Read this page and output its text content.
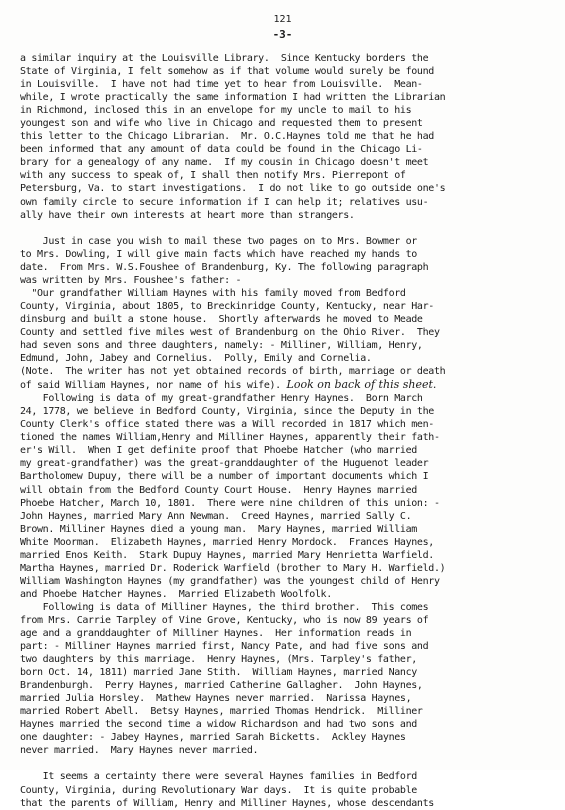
121
-3-
a similar inquiry at the Louisville Library.  Since Kentucky borders the
State of Virginia, I felt somehow as if that volume would surely be found
in Louisville.  I have not had time yet to hear from Louisville.  Mean-
while, I wrote practically the same information I had written the Librarian
in Richmond, inclosed this in an envelope for my uncle to mail to his
youngest son and wife who live in Chicago and requested them to present
this letter to the Chicago Librarian.  Mr. O.C.Haynes told me that he had
been informed that any amount of data could be found in the Chicago Li-
brary for a genealogy of any name.  If my cousin in Chicago doesn't meet
with any success to speak of, I shall then notify Mrs. Pierrepont of
Petersburg, Va. to start investigations.  I do not like to go outside one's
own family circle to secure information if I can help it; relatives usu-
ally have their own interests at heart more than strangers.
Just in case you wish to mail these two pages on to Mrs. Bowmer or
to Mrs. Dowling, I will give main facts which have reached my hands to
date.  From Mrs. W.S.Foushee of Brandenburg, Ky. The following paragraph
was written by Mrs. Foushee's father: -
"Our grandfather William Haynes with his family moved from Bedford
County, Virginia, about 1805, to Breckinridge County, Kentucky, near Har-
dinsburg and built a stone house.  Shortly afterwards he moved to Meade
County and settled five miles west of Brandenburg on the Ohio River.  They
had seven sons and three daughters, namely: - Milliner, William, Henry,
Edmund, John, Jabey and Cornelius.  Polly, Emily and Cornelia.
(Note.  The writer has not yet obtained records of birth, marriage or death
of said William Haynes, nor name of his wife). Look on back of this sheet.
Following is data of my great-grandfather Henry Haynes.  Born March
24, 1778, we believe in Bedford County, Virginia, since the Deputy in the
County Clerk's office stated there was a Will recorded in 1817 which men-
tioned the names William,Henry and Milliner Haynes, apparently their fath-
er's Will.  When I get definite proof that Phoebe Hatcher (who married
my great-grandfather) was the great-granddaughter of the Huguenot leader
Bartholomew Dupuy, there will be a number of important documents which I
will obtain from the Bedford County Court House.  Henry Haynes married
Phoebe Hatcher, March 10, 1801.  There were nine children of this union: -
John Haynes, married Mary Ann Newman.  Creed Haynes, married Sally C.
Brown. Milliner Haynes died a young man.  Mary Haynes, married William
White Moorman.  Elizabeth Haynes, married Henry Mordock.  Frances Haynes,
married Enos Keith.  Stark Dupuy Haynes, married Mary Henrietta Warfield.
Martha Haynes, married Dr. Roderick Warfield (brother to Mary H. Warfield.)
William Washington Haynes (my grandfather) was the youngest child of Henry
and Phoebe Hatcher Haynes.  Married Elizabeth Woolfolk.
Following is data of Milliner Haynes, the third brother.  This comes
from Mrs. Carrie Tarpley of Vine Grove, Kentucky, who is now 89 years of
age and a granddaughter of Milliner Haynes.  Her information reads in
part: - Milliner Haynes married first, Nancy Pate, and had five sons and
two daughters by this marriage.  Henry Haynes, (Mrs. Tarpley's father,
born Oct. 14, 1811) married Jane Stith.  William Haynes, married Nancy
Brandenburgh.  Perry Haynes, married Catherine Gallagher.  John Haynes,
married Julia Horsley.  Mathew Haynes never married.  Narissa Haynes,
married Robert Abell.  Betsy Haynes, married Thomas Hendrick.  Milliner
Haynes married the second time a widow Richardson and had two sons and
one daughter: - Jabey Haynes, married Sarah Bicketts.  Ackley Haynes
never married.  Mary Haynes never married.
It seems a certainty there were several Haynes families in Bedford
County, Virginia, during Revolutionary War days.  It is quite probable
that the parents of William, Henry and Milliner Haynes, whose descendants
